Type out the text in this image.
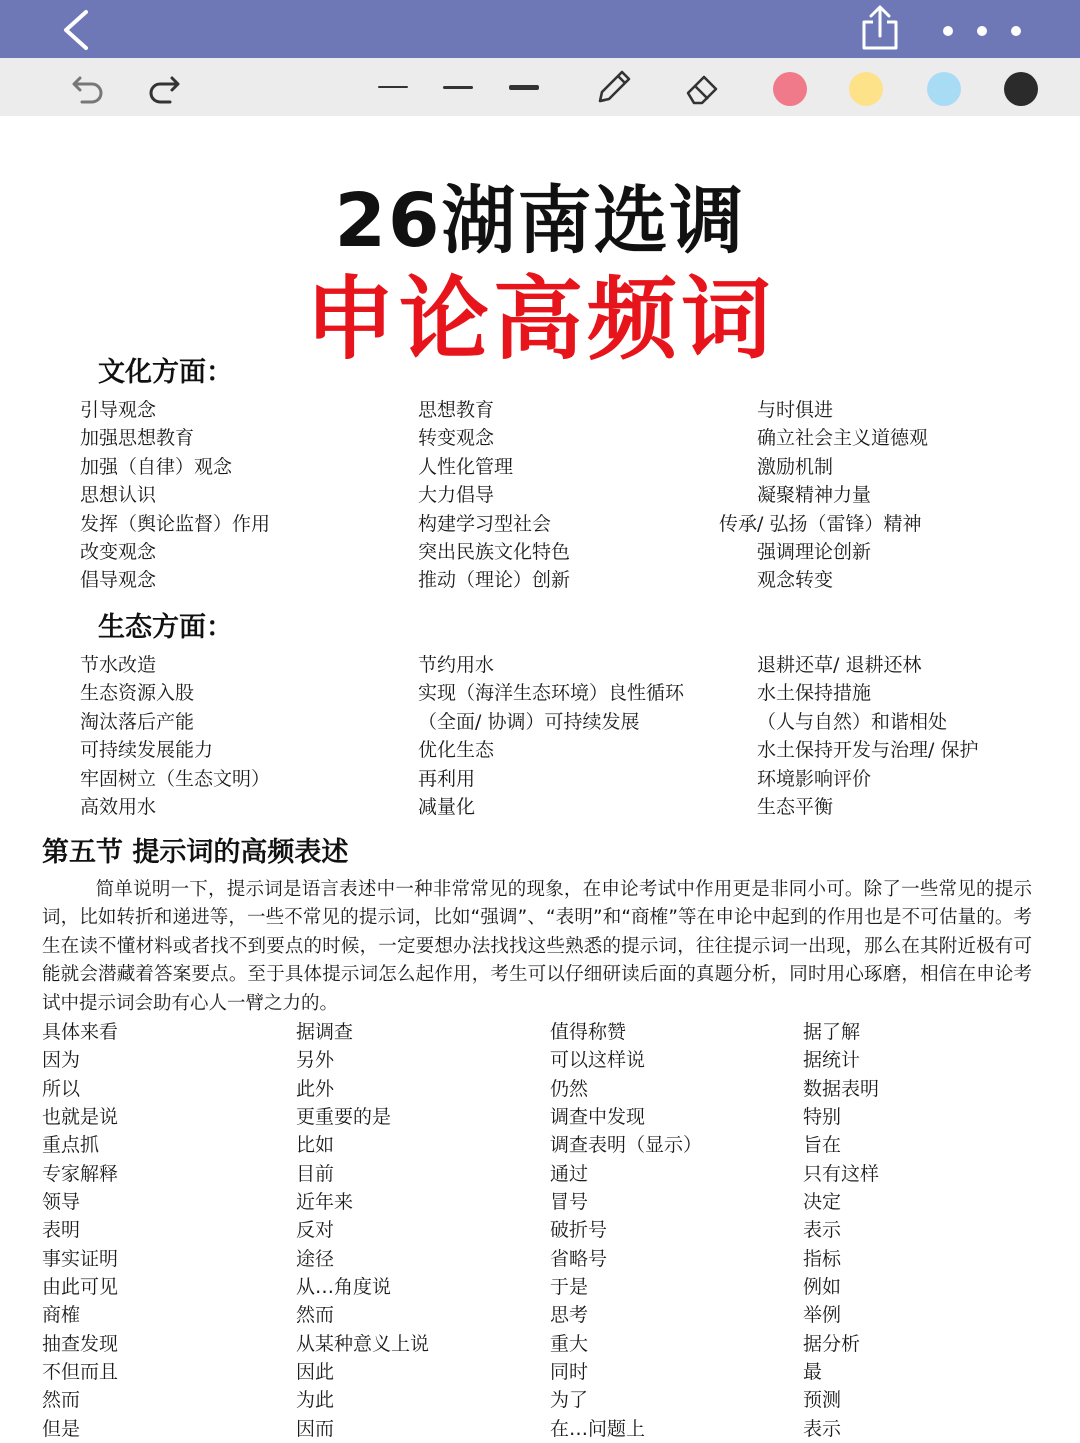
26湖南选调
申论高频词
文化方面：
引导观念
加强思想教育
加强（自律）观念
思想认识
发挥（舆论监督）作用
改变观念
倡导观念
思想教育
转变观念
人性化管理
大力倡导
构建学习型社会
突出民族文化特色
推动（理论）创新
与时俱进
确立社会主义道德观
激励机制
凝聚精神力量
传承/ 弘扬（雷锋）精神
强调理论创新
观念转变
生态方面：
节水改造
生态资源入股
淘汰落后产能
可持续发展能力
牢固树立（生态文明）
高效用水
节约用水
实现（海洋生态环境）良性循环
（全面/ 协调）可持续发展
优化生态
再利用
减量化
退耕还草/ 退耕还林
水土保持措施
（人与自然）和谐相处
水土保持开发与治理/ 保护
环境影响评价
生态平衡
第五节 提示词的高频表述
简单说明一下，提示词是语言表述中一种非常常见的现象，在申论考试中作用更是非同小可。除了一些常见的提示词，比如转折和递进等，一些不常见的提示词，比如“强调”、“表明”和“商榷”等在申论中起到的作用也是不可估量的。考生在读不懂材料或者找不到要点的时候，一定要想办法找找这些熟悉的提示词，往往提示词一出现，那么在其附近极有可能就会潜藏着答案要点。至于具体提示词怎么起作用，考生可以仔细研读后面的真题分析，同时用心琢磨，相信在申论考试中提示词会助有心人一臂之力的。
具体来看
因为
所以
也就是说
重点抓
专家解释
领导
表明
事实证明
由此可见
商榷
抽查发现
不但而且
然而
但是
据调查
另外
此外
更重要的是
比如
目前
近年来
反对
途径
从…角度说
然而
从某种意义上说
因此
为此
因而
值得称赞
可以这样说
仍然
调查中发现
调查表明（显示）
通过
冒号
破折号
省略号
于是
思考
重大
同时
为了
在…问题上
据了解
据统计
数据表明
特别
旨在
只有这样
决定
表示
指标
例如
举例
据分析
最
预测
表示
